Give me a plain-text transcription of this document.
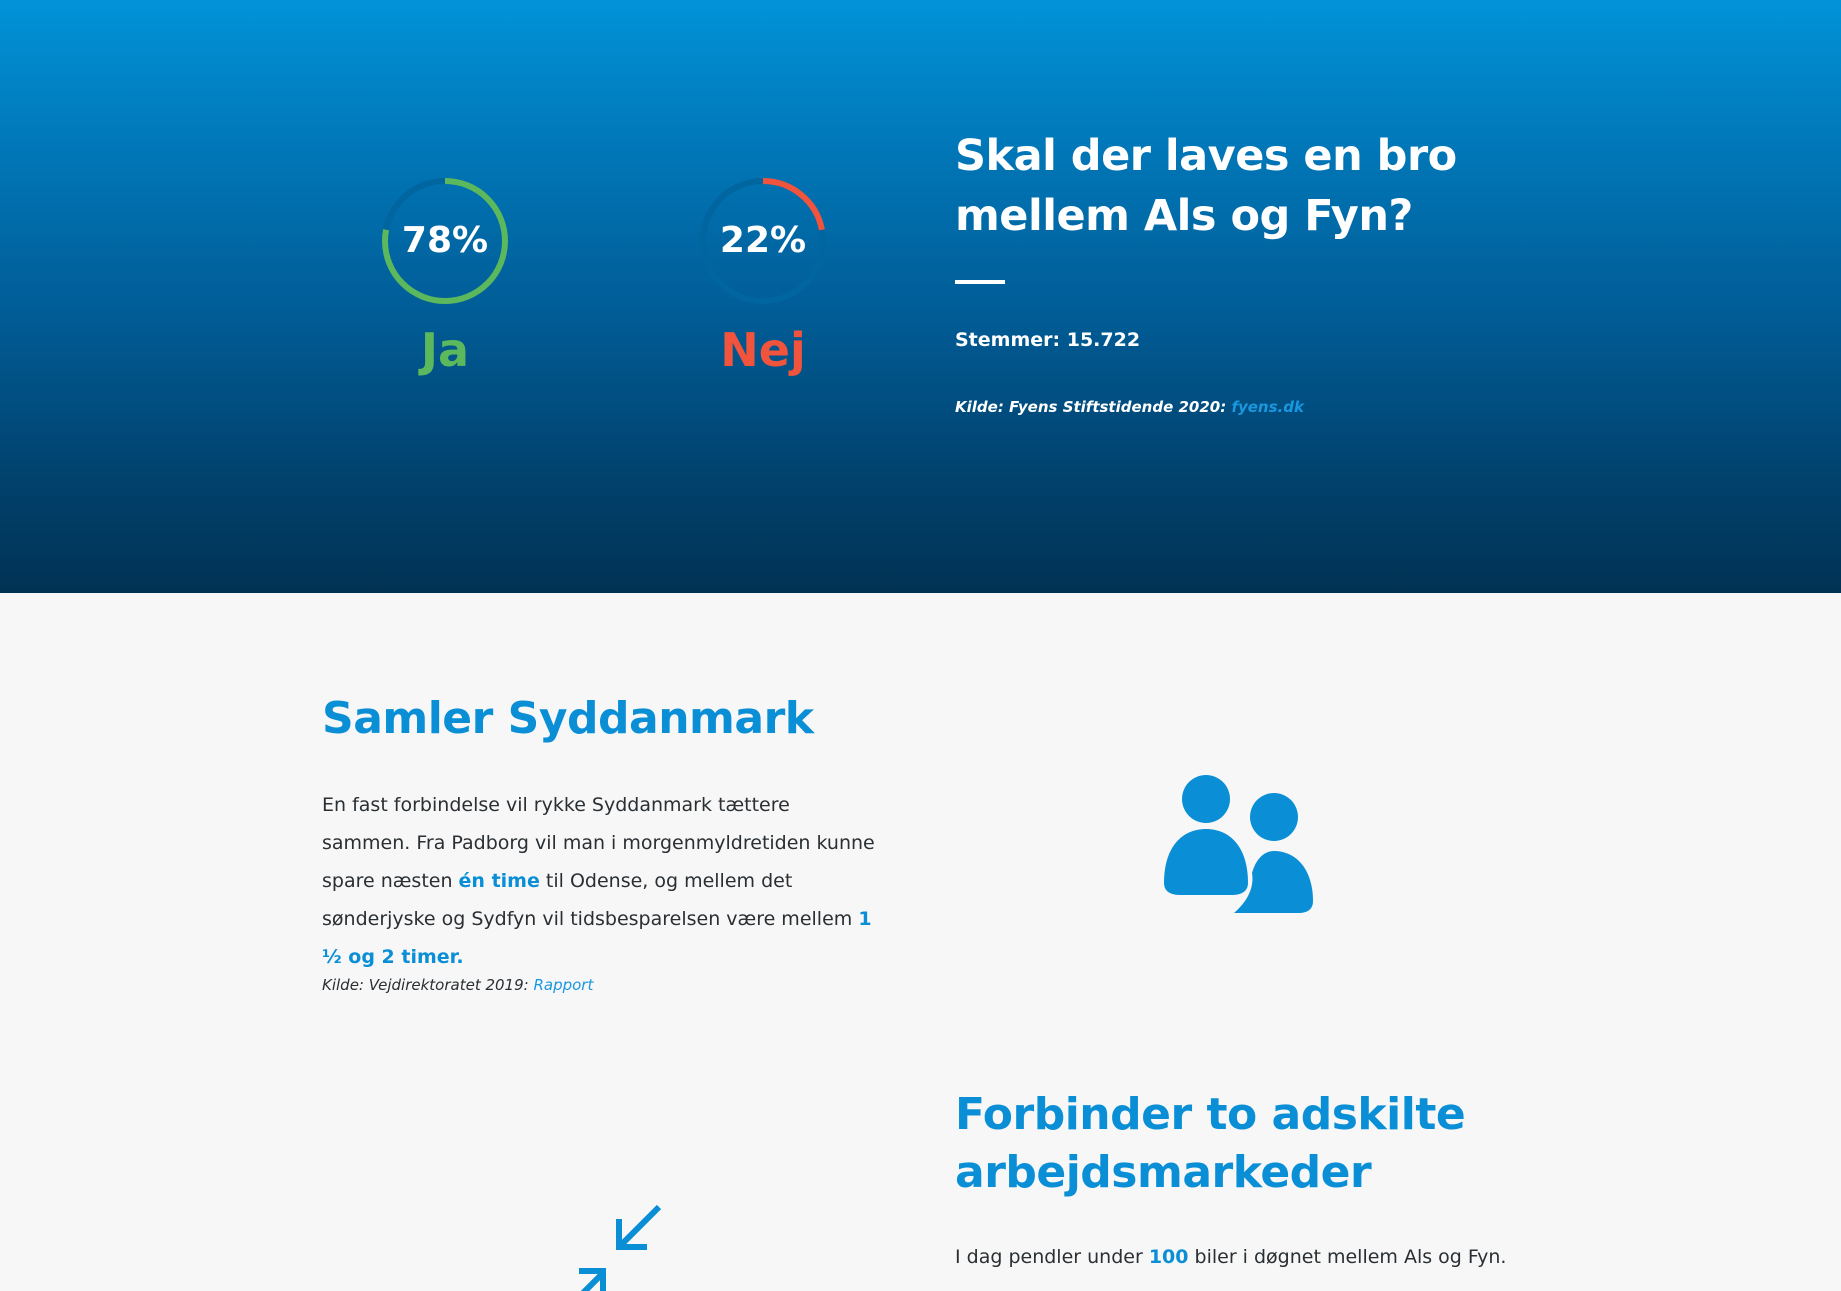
78%
Ja
22%
Nej
Skal der laves en bro mellem Als og Fyn?
Stemmer: 15.722
Kilde: Fyens Stiftstidende 2020: fyens.dk
Samler Syddanmark

En fast forbindelse vil rykke Syddanmark tættere sammen. Fra Padborg vil man i morgenmyldretiden kunne spare næsten én time til Odense, og mellem det sønderjyske og Sydfyn vil tidsbesparelsen være mellem 1 ½ og 2 timer.

Kilde: Vejdirektoratet 2019: Rapport
Forbinder to adskilte arbejdsmarkeder

I dag pendler under 100 biler i døgnet mellem Als og Fyn.
